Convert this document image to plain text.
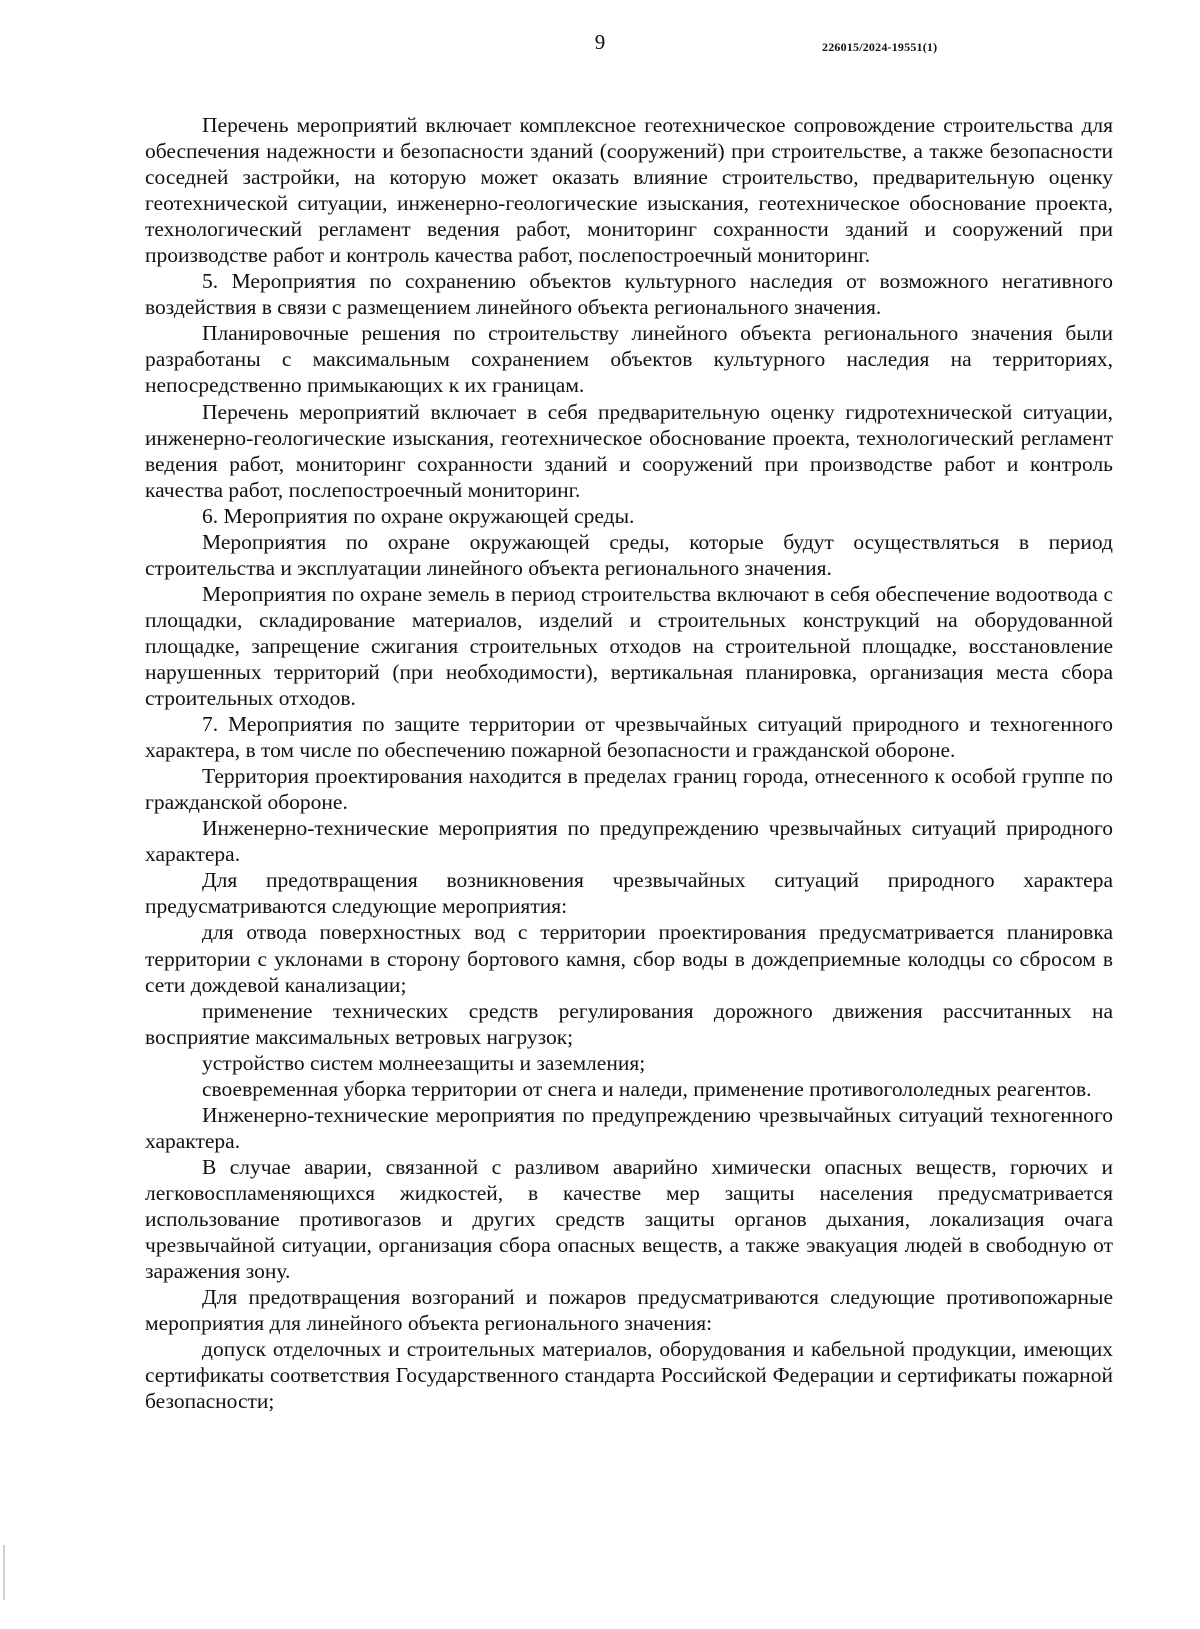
9	226015/2024-19551(1)

Перечень мероприятий включает комплексное геотехническое сопровождение строительства для обеспечения надежности и безопасности зданий (сооружений) при строительстве, а также безопасности соседней застройки, на которую может оказать влияние строительство, предварительную оценку геотехнической ситуации, инженерно-геологические изыскания, геотехническое обоснование проекта, технологический регламент ведения работ, мониторинг сохранности зданий и сооружений при производстве работ и контроль качества работ, послепостроечный мониторинг.

5. Мероприятия по сохранению объектов культурного наследия от возможного негативного воздействия в связи с размещением линейного объекта регионального значения.

Планировочные решения по строительству линейного объекта регионального значения были разработаны с максимальным сохранением объектов культурного наследия на территориях, непосредственно примыкающих к их границам.

Перечень мероприятий включает в себя предварительную оценку гидротехнической ситуации, инженерно-геологические изыскания, геотехническое обоснование проекта, технологический регламент ведения работ, мониторинг сохранности зданий и сооружений при производстве работ и контроль качества работ, послепостроечный мониторинг.

6. Мероприятия по охране окружающей среды.

Мероприятия по охране окружающей среды, которые будут осуществляться в период строительства и эксплуатации линейного объекта регионального значения.

Мероприятия по охране земель в период строительства включают в себя обеспечение водоотвода с площадки, складирование материалов, изделий и строительных конструкций на оборудованной площадке, запрещение сжигания строительных отходов на строительной площадке, восстановление нарушенных территорий (при необходимости), вертикальная планировка, организация места сбора строительных отходов.

7. Мероприятия по защите территории от чрезвычайных ситуаций природного и техногенного характера, в том числе по обеспечению пожарной безопасности и гражданской обороне.

Территория проектирования находится в пределах границ города, отнесенного к особой группе по гражданской обороне.

Инженерно-технические мероприятия по предупреждению чрезвычайных ситуаций природного характера.

Для предотвращения возникновения чрезвычайных ситуаций природного характера предусматриваются следующие мероприятия:

для отвода поверхностных вод с территории проектирования предусматривается планировка территории с уклонами в сторону бортового камня, сбор воды в дождеприемные колодцы со сбросом в сети дождевой канализации;

применение технических средств регулирования дорожного движения рассчитанных на восприятие максимальных ветровых нагрузок;

устройство систем молнеезащиты и заземления;

своевременная уборка территории от снега и наледи, применение противогололедных реагентов.

Инженерно-технические мероприятия по предупреждению чрезвычайных ситуаций техногенного характера.

В случае аварии, связанной с разливом аварийно химически опасных веществ, горючих и легковоспламеняющихся жидкостей, в качестве мер защиты населения предусматривается использование противогазов и других средств защиты органов дыхания, локализация очага чрезвычайной ситуации, организация сбора опасных веществ, а также эвакуация людей в свободную от заражения зону.

Для предотвращения возгораний и пожаров предусматриваются следующие противопожарные мероприятия для линейного объекта регионального значения:

допуск отделочных и строительных материалов, оборудования и кабельной продукции, имеющих сертификаты соответствия Государственного стандарта Российской Федерации и сертификаты пожарной безопасности;
